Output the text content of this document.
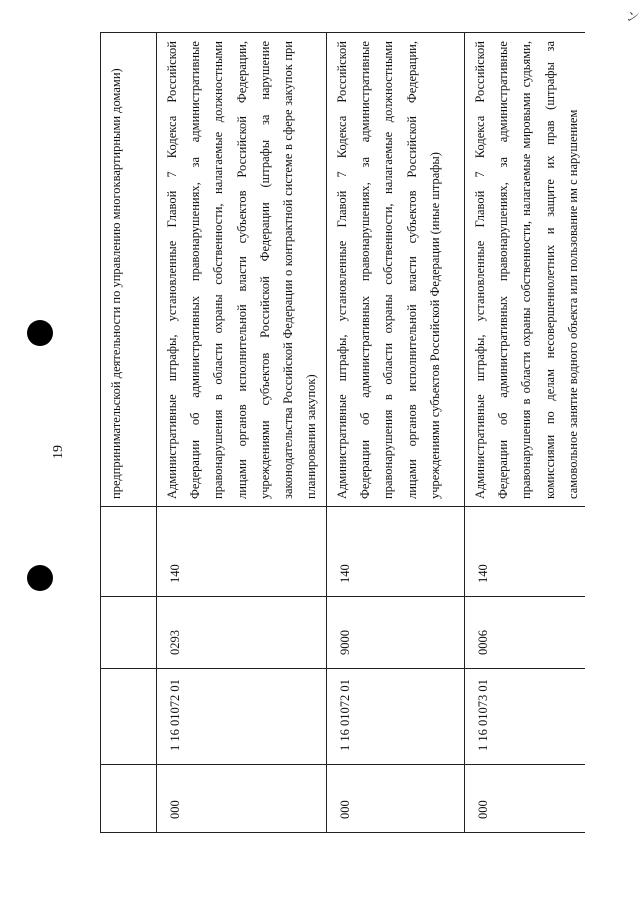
ン
19	предпринимательской деятельности по управлению многоквартирными домами)
000
1 16 01072 01
0293
140
Административные штрафы, установленные Главой 7 Кодекса Российской Федерации об административных правонарушениях, за административные правонарушения в области охраны собственности, налагаемые должностными лицами органов исполнительной власти субъектов Российской Федерации, учреждениями субъектов Российской Федерации (штрафы за нарушение законодательства Российской Федерации о контрактной системе в сфере закупок при планировании закупок)
000
1 16 01072 01
9000
140
Административные штрафы, установленные Главой 7 Кодекса Российской Федерации об административных правонарушениях, за административные правонарушения в области охраны собственности, налагаемые должностными лицами органов исполнительной власти субъектов Российской Федерации, учреждениями субъектов Российской Федерации (иные штрафы)
000
1 16 01073 01
0006
140
Административные штрафы, установленные Главой 7 Кодекса Российской Федерации об административных правонарушениях, за административные правонарушения в области охраны собственности, налагаемые мировыми судьями, комиссиями по делам несовершеннолетних и защите их прав (штрафы за самовольное занятие водного объекта или пользование им с нарушением
